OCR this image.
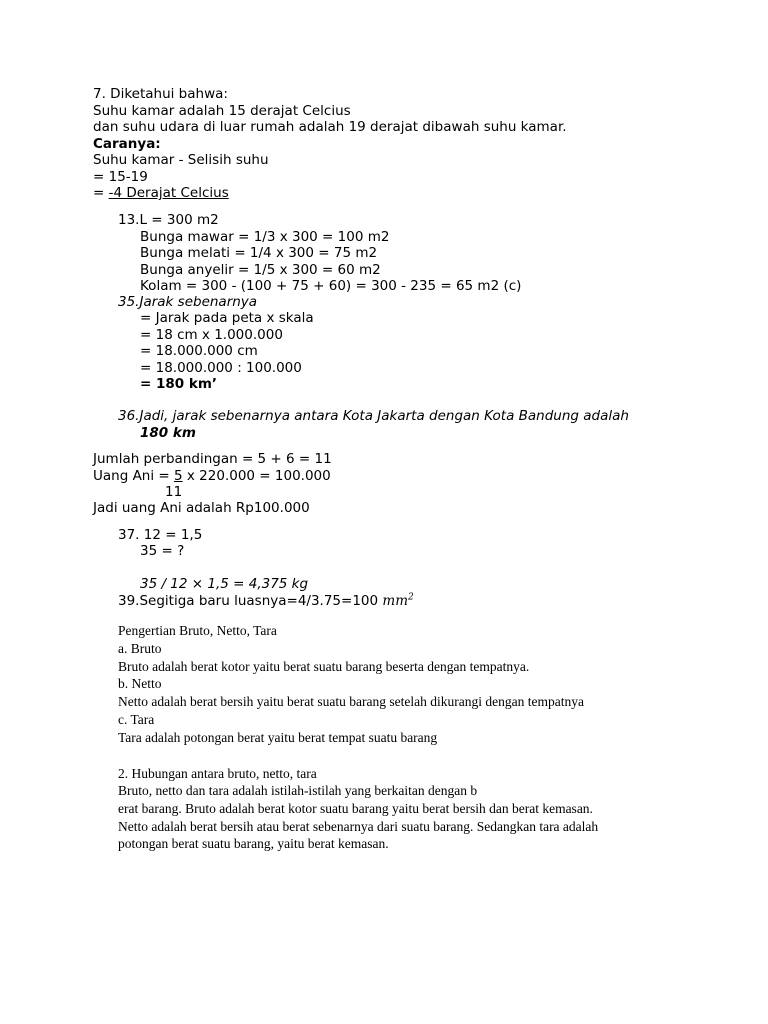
7. Diketahui bahwa:

Suhu kamar adalah 15 derajat Celcius

dan suhu udara di luar rumah adalah 19 derajat dibawah suhu kamar.

Caranya:

Suhu kamar - Selisih suhu

= 15-19

= -4 Derajat Celcius

13.L = 300 m2

Bunga mawar = 1/3 x 300 = 100 m2

Bunga melati = 1/4 x 300 = 75 m2

Bunga anyelir = 1/5 x 300 = 60 m2

Kolam = 300 - (100 + 75 + 60) = 300 - 235 = 65 m2 (c)

35.Jarak sebenarnya

= Jarak pada peta x skala

= 18 cm x 1.000.000

= 18.000.000 cm

= 18.000.000 : 100.000

= 180 km’

36.Jadi, jarak sebenarnya antara Kota Jakarta dengan Kota Bandung adalah

180 km

Jumlah perbandingan = 5 + 6 = 11

Uang Ani = 5 x 220.000 = 100.000

11

Jadi uang Ani adalah Rp100.000

37. 12 = 1,5

35 = ?

35 / 12 × 1,5 = 4,375 kg

39.Segitiga baru luasnya=4/3.75=100 $mm^2$

Pengertian Bruto, Netto, Tara

a. Bruto

Bruto adalah berat kotor yaitu berat suatu barang beserta dengan tempatnya.

b. Netto

Netto adalah berat bersih yaitu berat suatu barang setelah dikurangi dengan tempatnya

c. Tara

Tara adalah potongan berat yaitu berat tempat suatu barang

2. Hubungan antara bruto, netto, tara

Bruto, netto dan tara adalah istilah-istilah yang berkaitan dengan b

erat barang. Bruto adalah berat kotor suatu barang yaitu berat bersih dan berat kemasan.

Netto adalah berat bersih atau berat sebenarnya dari suatu barang. Sedangkan tara adalah

potongan berat suatu barang, yaitu berat kemasan.
